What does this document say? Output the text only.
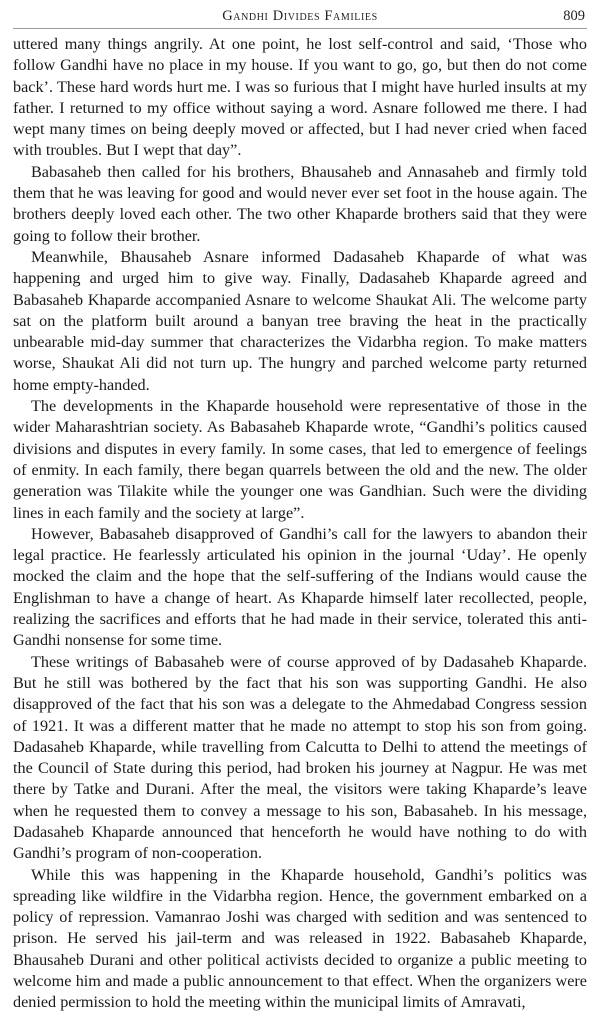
Gandhi Divides Families	809

uttered many things angrily. At one point, he lost self-control and said, ‘Those who follow Gandhi have no place in my house. If you want to go, go, but then do not come back’. These hard words hurt me. I was so furious that I might have hurled insults at my father. I returned to my office without saying a word. Asnare followed me there. I had wept many times on being deeply moved or affected, but I had never cried when faced with troubles. But I wept that day”.

Babasaheb then called for his brothers, Bhausaheb and Annasaheb and firmly told them that he was leaving for good and would never ever set foot in the house again. The brothers deeply loved each other. The two other Khaparde brothers said that they were going to follow their brother.

Meanwhile, Bhausaheb Asnare informed Dadasaheb Khaparde of what was happening and urged him to give way. Finally, Dadasaheb Khaparde agreed and Babasaheb Khaparde accompanied Asnare to welcome Shaukat Ali. The welcome party sat on the platform built around a banyan tree braving the heat in the practically unbearable mid-day summer that characterizes the Vidarbha region. To make matters worse, Shaukat Ali did not turn up. The hungry and parched welcome party returned home empty-handed.

The developments in the Khaparde household were representative of those in the wider Maharashtrian society. As Babasaheb Khaparde wrote, “Gandhi’s politics caused divisions and disputes in every family. In some cases, that led to emergence of feelings of enmity. In each family, there began quarrels between the old and the new. The older generation was Tilakite while the younger one was Gandhian. Such were the dividing lines in each family and the society at large”.

However, Babasaheb disapproved of Gandhi’s call for the lawyers to abandon their legal practice. He fearlessly articulated his opinion in the journal ‘Uday’. He openly mocked the claim and the hope that the self-suffering of the Indians would cause the Englishman to have a change of heart. As Khaparde himself later recollected, people, realizing the sacrifices and efforts that he had made in their service, tolerated this anti-Gandhi nonsense for some time.

These writings of Babasaheb were of course approved of by Dadasaheb Khaparde. But he still was bothered by the fact that his son was supporting Gandhi. He also disapproved of the fact that his son was a delegate to the Ahmedabad Congress session of 1921. It was a different matter that he made no attempt to stop his son from going. Dadasaheb Khaparde, while travelling from Calcutta to Delhi to attend the meetings of the Council of State during this period, had broken his journey at Nagpur. He was met there by Tatke and Durani. After the meal, the visitors were taking Khaparde’s leave when he requested them to convey a message to his son, Babasaheb. In his message, Dadasaheb Khaparde announced that henceforth he would have nothing to do with Gandhi’s program of non-cooperation.

While this was happening in the Khaparde household, Gandhi’s politics was spreading like wildfire in the Vidarbha region. Hence, the government embarked on a policy of repression. Vamanrao Joshi was charged with sedition and was sentenced to prison. He served his jail-term and was released in 1922. Babasaheb Khaparde, Bhausaheb Durani and other political activists decided to organize a public meeting to welcome him and made a public announcement to that effect. When the organizers were denied permission to hold the meeting within the municipal limits of Amravati,
